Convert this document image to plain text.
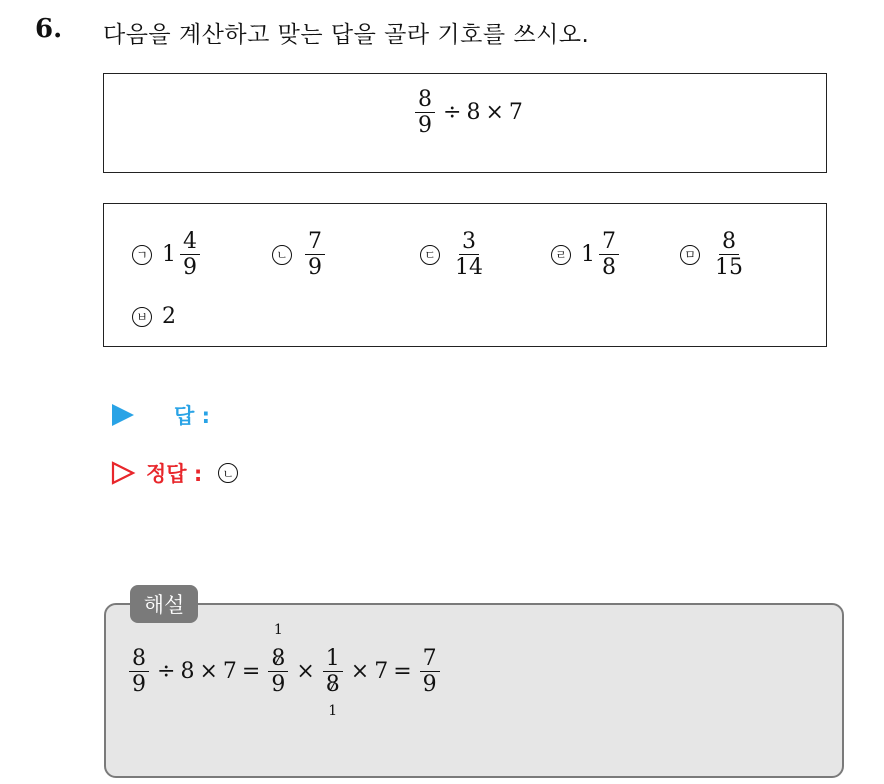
6. 다음을 계산하고 맞는 답을 골라 기호를 쓰시오.
$\frac{8}{9} \div 8 \times 7$
ㄱ $1 \frac{4}{9}$	ㄴ $\frac{7}{9}$	ㄷ $\frac{3}{14}$	ㄹ $1 \frac{7}{8}$	ㅁ $\frac{8}{15}$
ㅂ 2
답 :
정답 :	ㄴ
$\frac{8}{9} \div 8 \times 7$ =
1
8
9
×
1
8
1
× $7 = \frac{7}{9}$
해설
